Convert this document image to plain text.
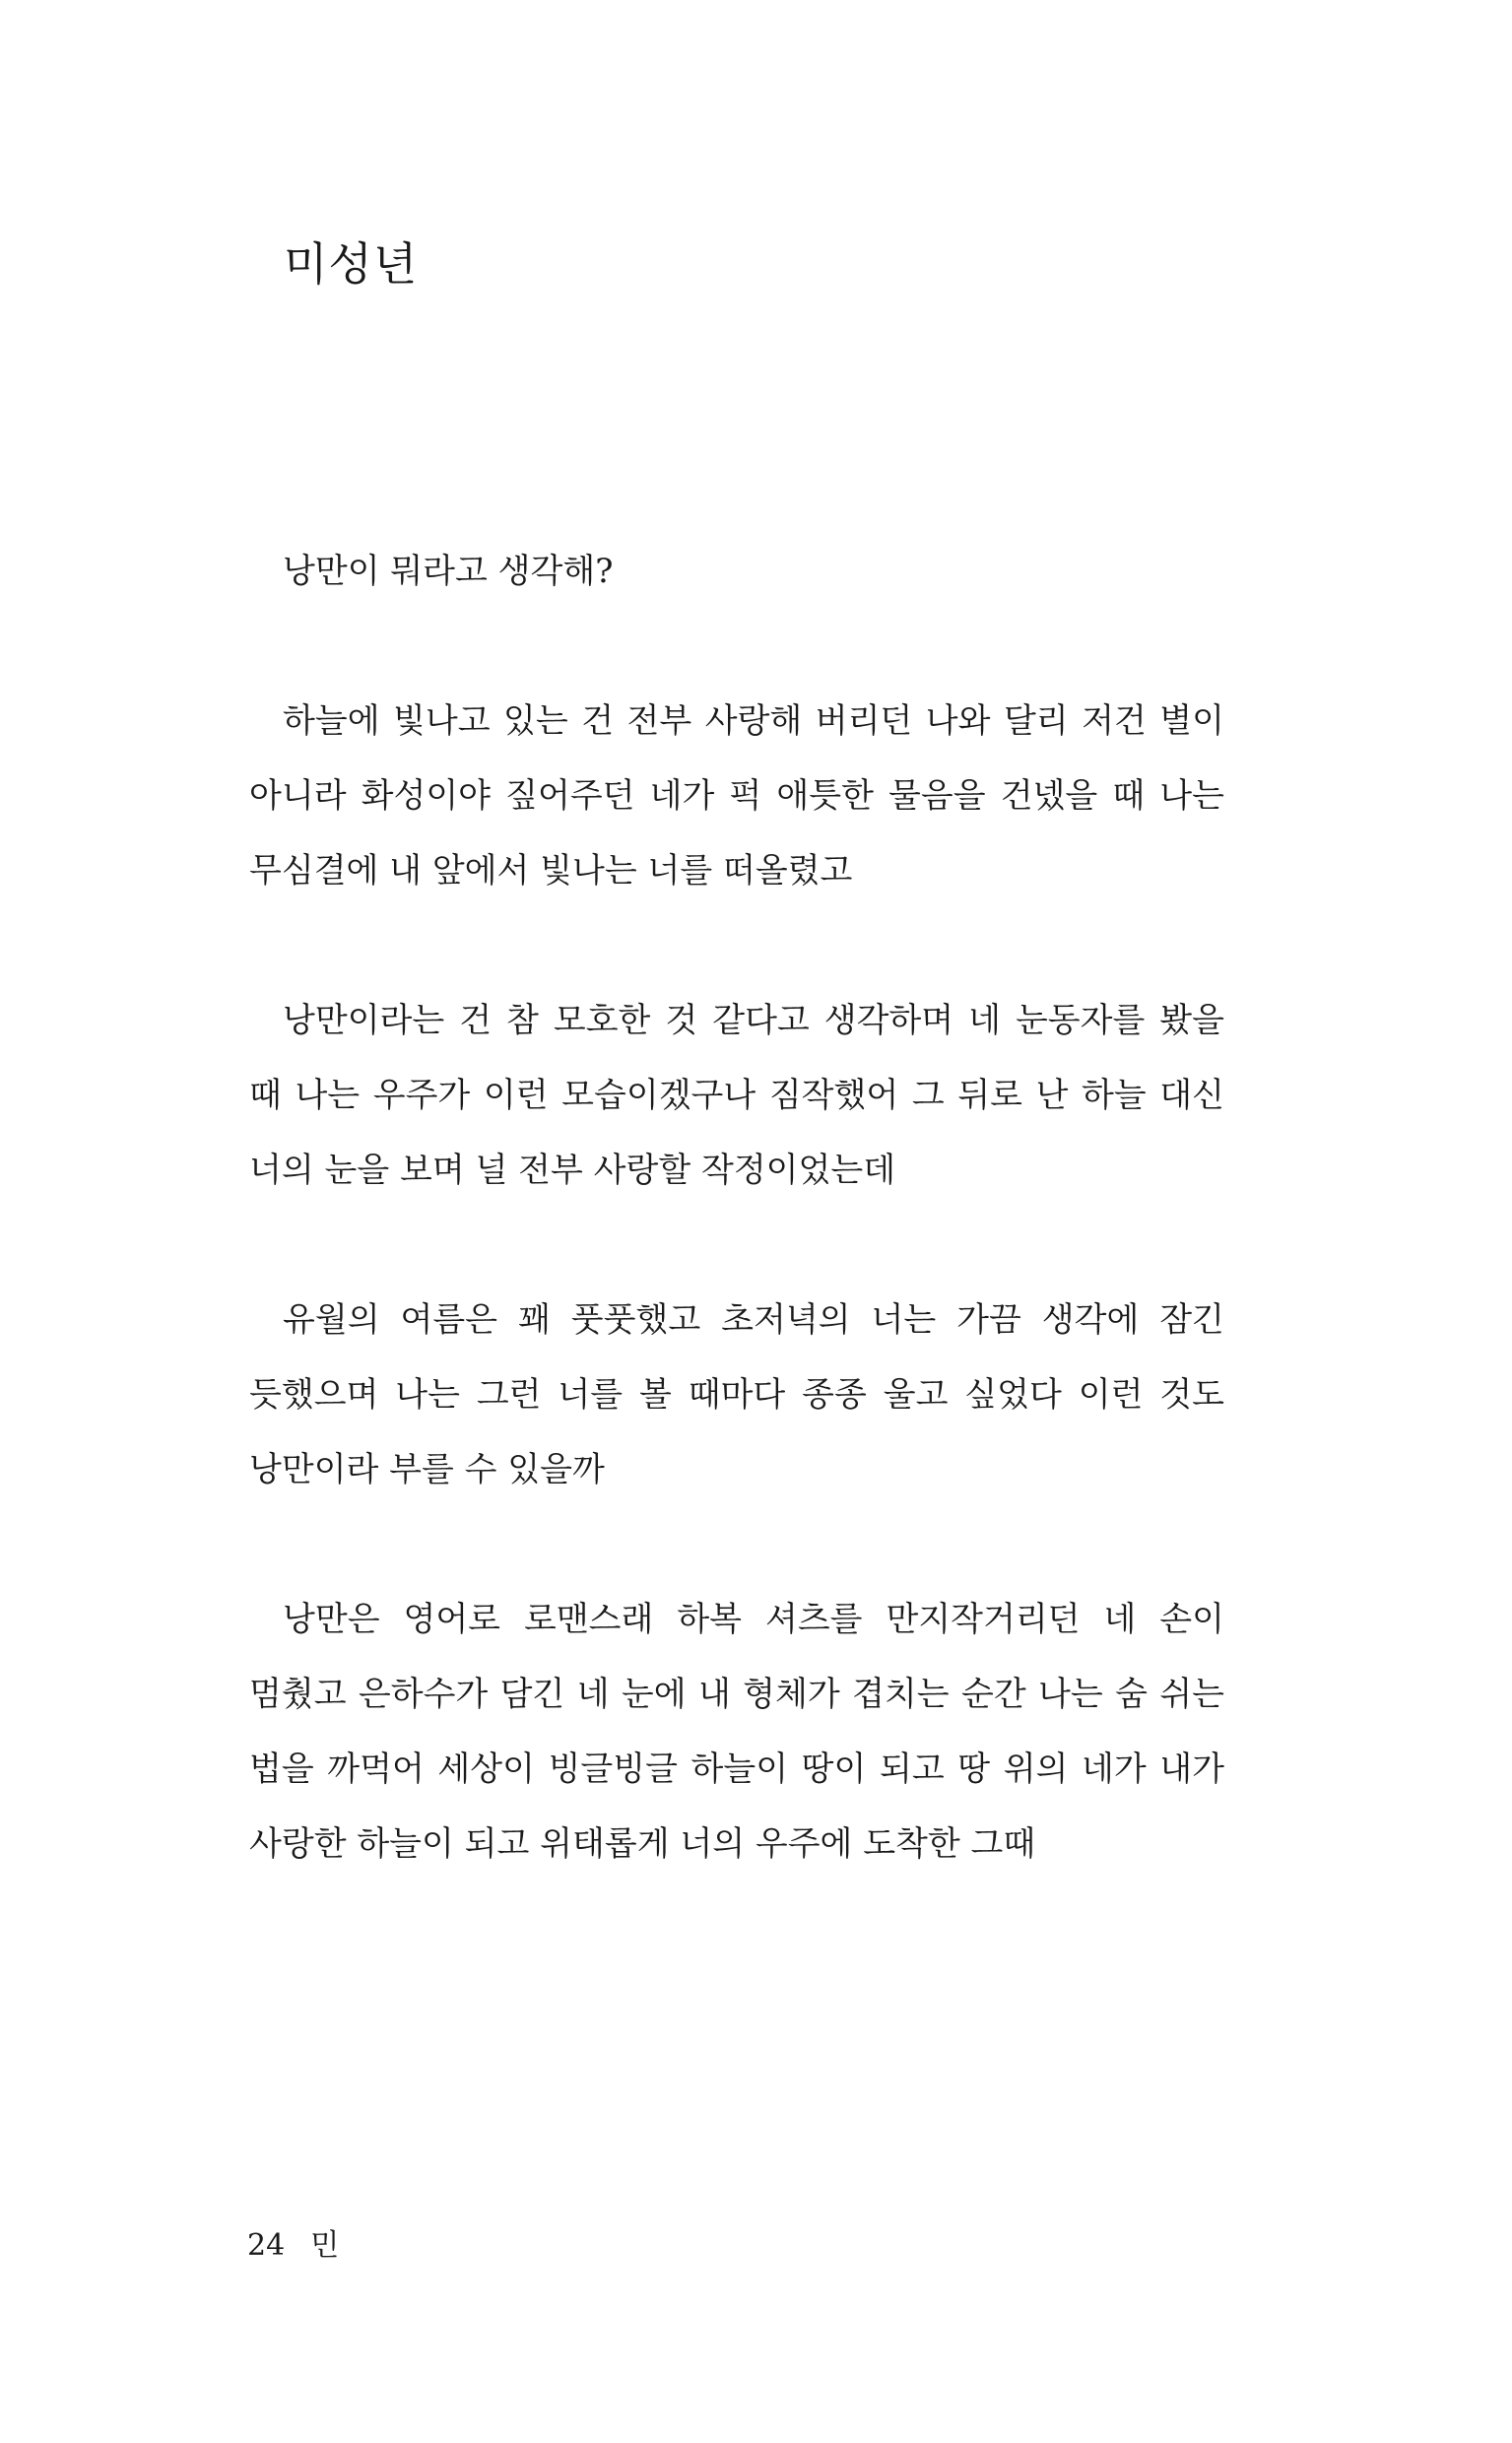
미성년

낭만이 뭐라고 생각해?

하늘에 빛나고 있는 건 전부 사랑해 버리던 나와 달리 저건 별이 아니라 화성이야 짚어주던 네가 퍽 애틋한 물음을 건넸을 때 나는 무심결에 내 앞에서 빛나는 너를 떠올렸고

낭만이라는 건 참 모호한 것 같다고 생각하며 네 눈동자를 봤을 때 나는 우주가 이런 모습이겠구나 짐작했어 그 뒤로 난 하늘 대신 너의 눈을 보며 널 전부 사랑할 작정이었는데

유월의 여름은 꽤 풋풋했고 초저녁의 너는 가끔 생각에 잠긴 듯했으며 나는 그런 너를 볼 때마다 종종 울고 싶었다 이런 것도 낭만이라 부를 수 있을까

낭만은 영어로 로맨스래 하복 셔츠를 만지작거리던 네 손이 멈췄고 은하수가 담긴 네 눈에 내 형체가 겹치는 순간 나는 숨 쉬는 법을 까먹어 세상이 빙글빙글 하늘이 땅이 되고 땅 위의 네가 내가 사랑한 하늘이 되고 위태롭게 너의 우주에 도착한 그때

24 민
